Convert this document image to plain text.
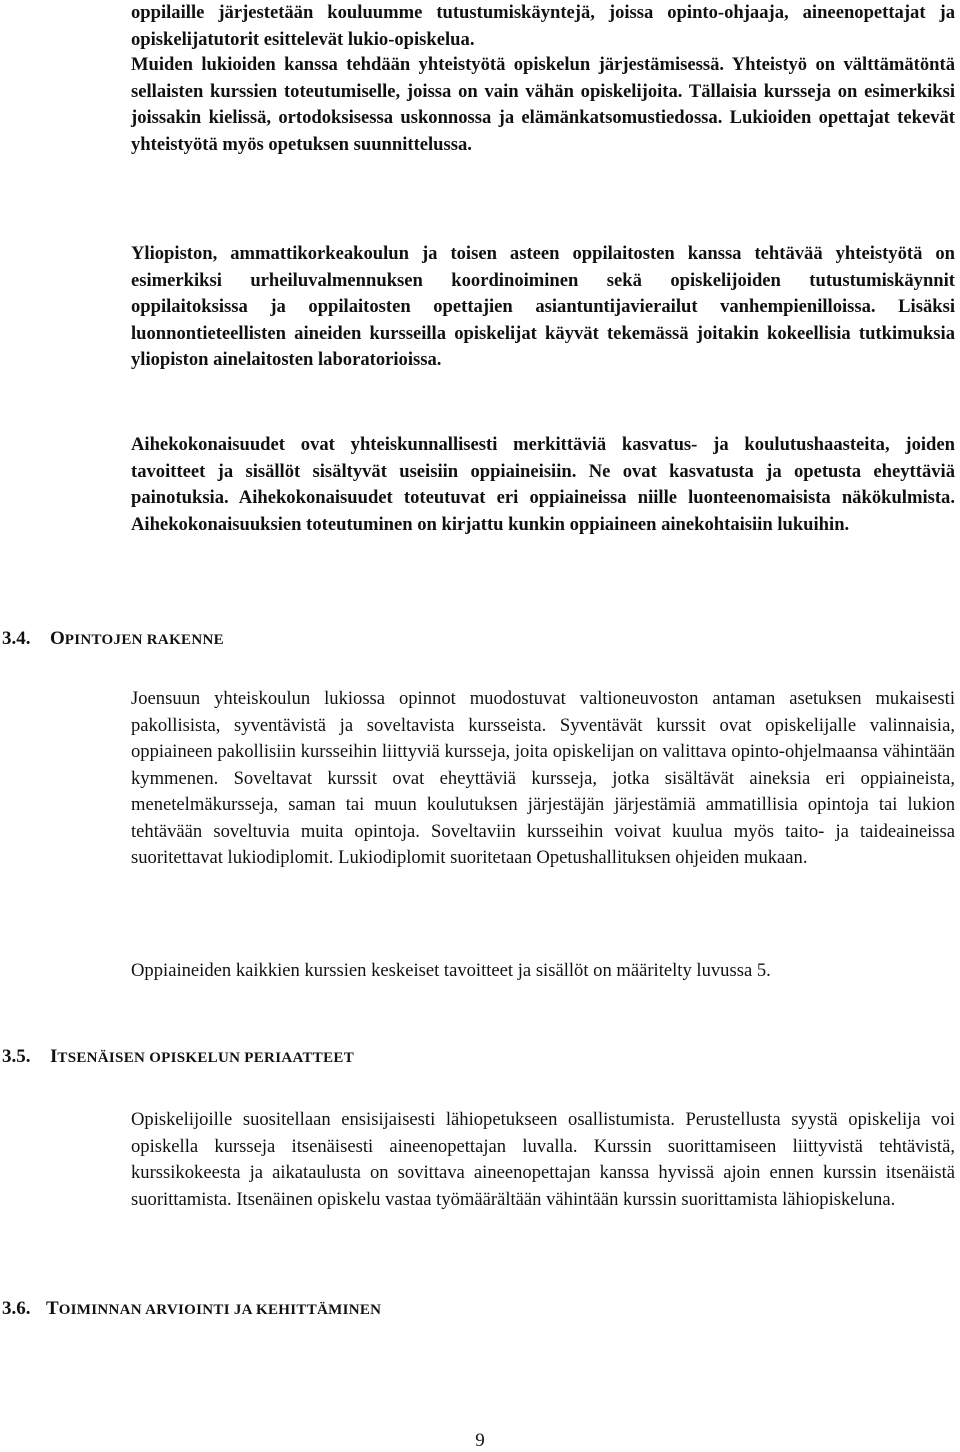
oppilaille järjestetään kouluumme tutustumiskäyntejä, joissa opinto-ohjaaja, aineenopettajat ja opiskelijatutorit esittelevät lukio-opiskelua.

Muiden lukioiden kanssa tehdään yhteistyötä opiskelun järjestämisessä. Yhteistyö on välttämätöntä sellaisten kurssien toteutumiselle, joissa on vain vähän opiskelijoita. Tällaisia kursseja on esimerkiksi joissakin kielissä, ortodoksisessa uskonnossa ja elämänkatsomustiedossa. Lukioiden opettajat tekevät yhteistyötä myös opetuksen suunnittelussa.

Yliopiston, ammattikorkeakoulun ja toisen asteen oppilaitosten kanssa tehtävää yhteistyötä on esimerkiksi urheiluvalmennuksen koordinoiminen sekä opiskelijoiden tutustumiskäynnit oppilaitoksissa ja oppilaitosten opettajien asiantuntijavierailut vanhempienilloissa. Lisäksi luonnontieteellisten aineiden kursseilla opiskelijat käyvät tekemässä joitakin kokeellisia tutkimuksia yliopiston ainelaitosten laboratorioissa.

Aihekokonaisuudet ovat yhteiskunnallisesti merkittäviä kasvatus- ja koulutushaasteita, joiden tavoitteet ja sisällöt sisältyvät useisiin oppiaineisiin. Ne ovat kasvatusta ja opetusta eheyttäviä painotuksia. Aihekokonaisuudet toteutuvat eri oppiaineissa niille luonteenomaisista näkökulmista. Aihekokonaisuuksien toteutuminen on kirjattu kunkin oppiaineen ainekohtaisiin lukuihin.

3.4. OPINTOJEN RAKENNE

Joensuun yhteiskoulun lukiossa opinnot muodostuvat valtioneuvoston antaman asetuksen mukaisesti pakollisista, syventävistä ja soveltavista kursseista. Syventävät kurssit ovat opiskelijalle valinnaisia, oppiaineen pakollisiin kursseihin liittyviä kursseja, joita opiskelijan on valittava opinto-ohjelmaansa vähintään kymmenen. Soveltavat kurssit ovat eheyttäviä kursseja, jotka sisältävät aineksia eri oppiaineista, menetelmäkursseja, saman tai muun koulutuksen järjestäjän järjestämiä ammatillisia opintoja tai lukion tehtävään soveltuvia muita opintoja. Soveltaviin kursseihin voivat kuulua myös taito- ja taideaineissa suoritettavat lukiodiplomit. Lukiodiplomit suoritetaan Opetushallituksen ohjeiden mukaan.

Oppiaineiden kaikkien kurssien keskeiset tavoitteet ja sisällöt on määritelty luvussa 5.

3.5. ITSENÄISEN OPISKELUN PERIAATTEET

Opiskelijoille suositellaan ensisijaisesti lähiopetukseen osallistumista. Perustellusta syystä opiskelija voi opiskella kursseja itsenäisesti aineenopettajan luvalla. Kurssin suorittamiseen liittyvistä tehtävistä, kurssikokeesta ja aikataulusta on sovittava aineenopettajan kanssa hyvissä ajoin ennen kurssin itsenäistä suorittamista. Itsenäinen opiskelu vastaa työmäärältään vähintään kurssin suorittamista lähiopiskeluna.

3.6. TOIMINNAN ARVIOINTI JA KEHITTÄMINEN
9
